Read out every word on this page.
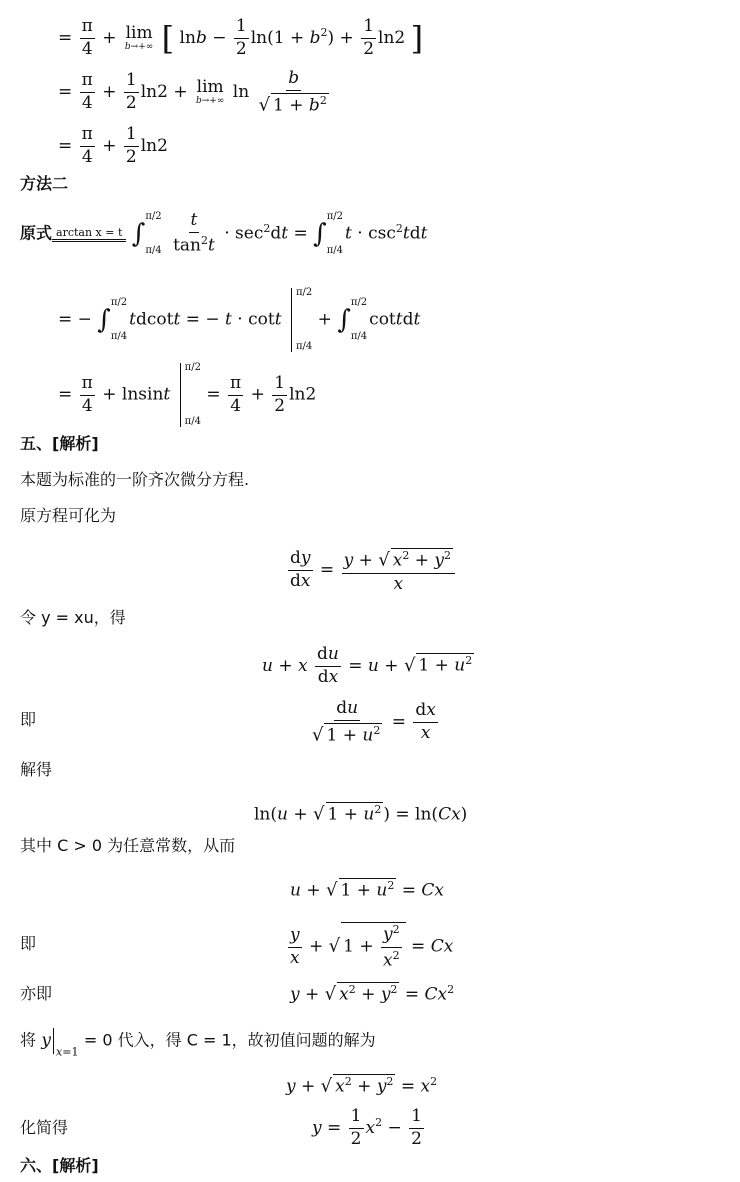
= $\frac{\pi}{4} + \lim$
b→+∞ [ $\ln b - \frac{1}{2} \ln(1 + b^2) + \frac{1}{2} \ln 2$ ]
= $\frac{\pi}{4} + \frac{1}{2} \ln 2 + \lim$
b→+∞ $\ln \frac{b}{√ 1 + b^2}$
= $\frac{\pi}{4} + \frac{1}{2} \ln 2$
方法二
原式 arctan x = t ∫
π/2
π/4
$\frac{t}{\tan^2t} \cdot \sec^2dt$ = ∫
π/2
π/4
$t \cdot \csc^2tdt$
= − ∫
π/2
π/4
tdcott = − t · cott
π/2
π/4
+ ∫
π/2
π/4
cottdt
= $\frac{\pi}{4} + lnsint$
π/2
π/4
= $\frac{\pi}{4} + \frac{1}{2} \ln 2$
五、[解析]
本题为标准的一阶齐次微分方程.
原方程可化为
$\frac{dy}{dx} = \frac{y + √ x^2 + y^2}{x}$
令 y = xu，得
u + x $\frac{du}{dx} = u$ + √ $1 + u^2$
即	$\frac{du}{√ 1 + u^2} = \frac{dx}{x}$
解得
ln(u + √ $1 + u^2$ ) = ln(Cx)
其中 C > 0 为任意常数，从而
u + √ $1 + u^2 = Cx$
即	$\frac{y}{x}$ + √ $1 + \frac{y^2}{x^2} = Cx$
亦即	y + √ $x^2 + y^2 = Cx^2$
将 $y_{x=1} = 0$ 代入，得 C = 1，故初值问题的解为
y + √ $x^2 + y^2 = x^2$
化简得	$y = \frac{1}{2} x^2 - \frac{1}{2}$
六、[解析]
